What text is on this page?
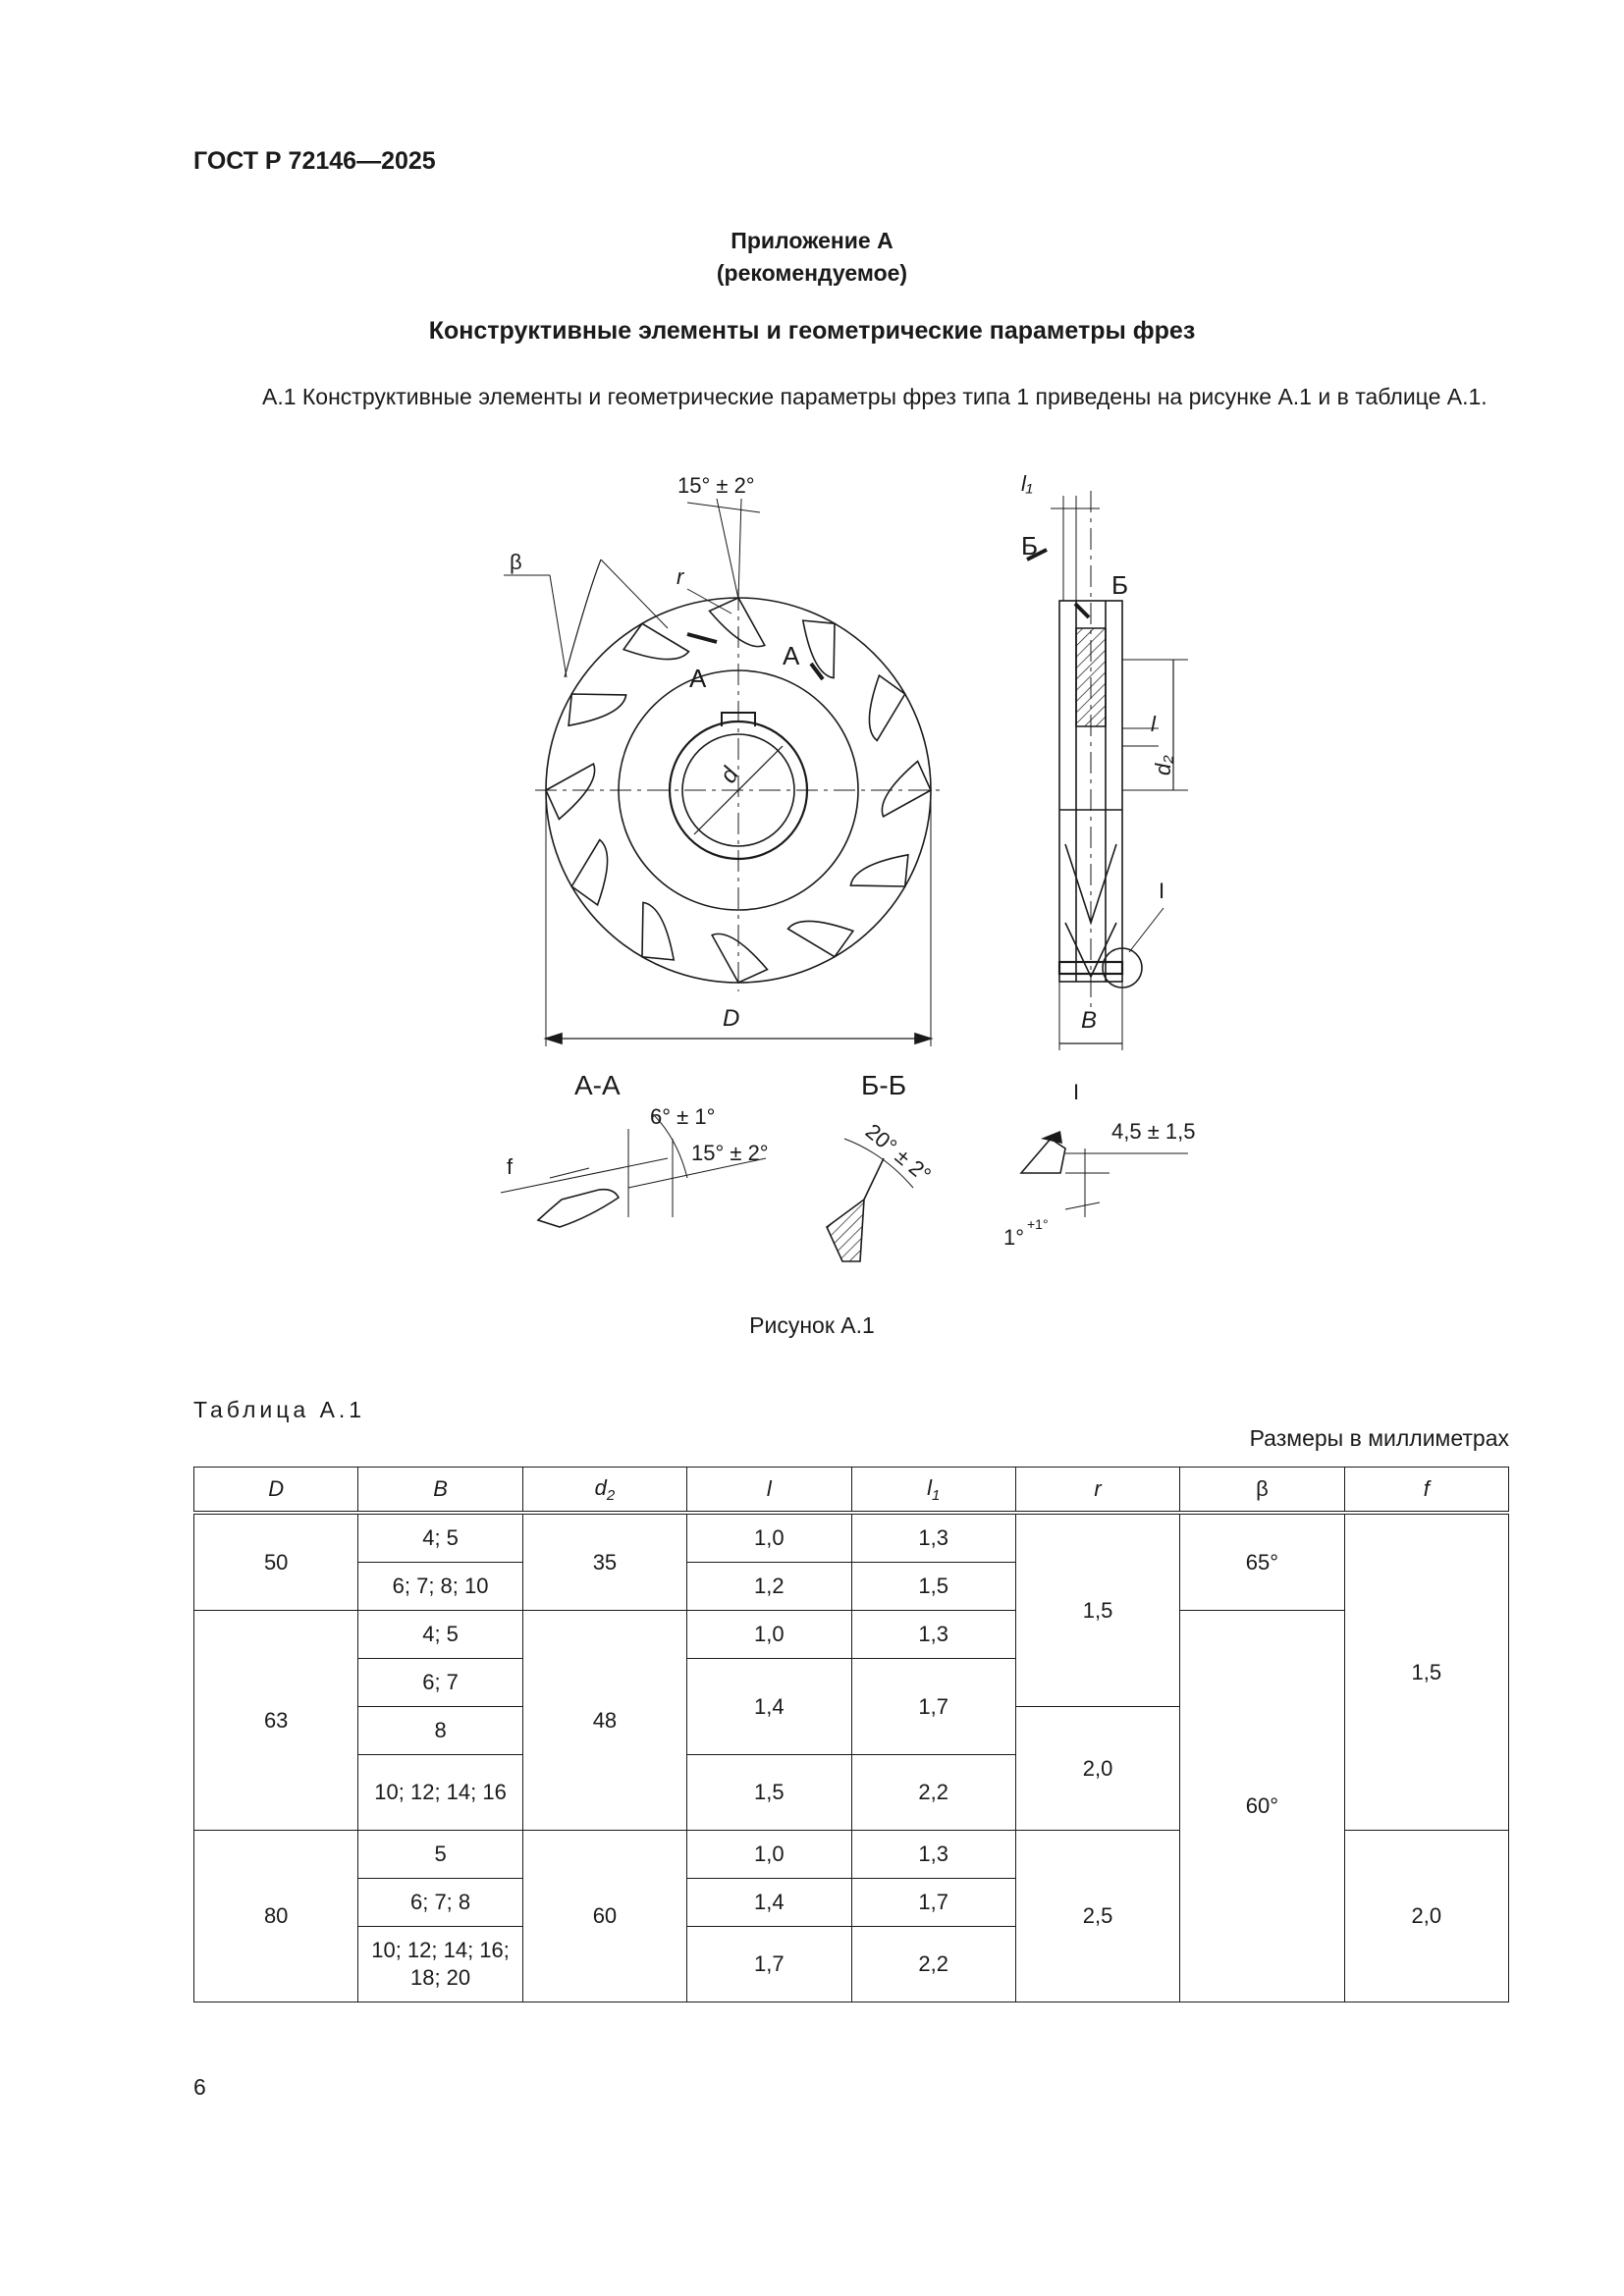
ГОСТ Р 72146—2025
Приложение А
(рекомендуемое)
Конструктивные элементы и геометрические параметры фрез
А.1 Конструктивные элементы и геометрические параметры фрез типа 1 приведены на рисунке А.1 и в таблице А.1.
15° ± 2°
β
r
А
А
d
D
l₁
Б
Б
l
d₂
I
B
А-А	Б-Б	I
6° ± 1°
15° ± 2°
f	20° ± 2°	4,5 ± 1,5
1°
+1°
Рисунок А.1
Таблица А.1
Размеры в миллиметрах
D	B	$d_2$	l	$l_1$	r	β	f
50	4; 5	35	1,0	1,3	1,5	65°	1,5
	6; 7; 8; 10		1,2	1,5			
63	4; 5	48	1,0	1,3		60°	
	6; 7		1,4	1,7			
	8				2,0		
	10; 12; 14; 16		1,5	2,2			
80	5	60	1,0	1,3	2,5		2,0
	6; 7; 8		1,4	1,7			
	10; 12; 14; 16; 18; 20		1,7	2,2			
6
